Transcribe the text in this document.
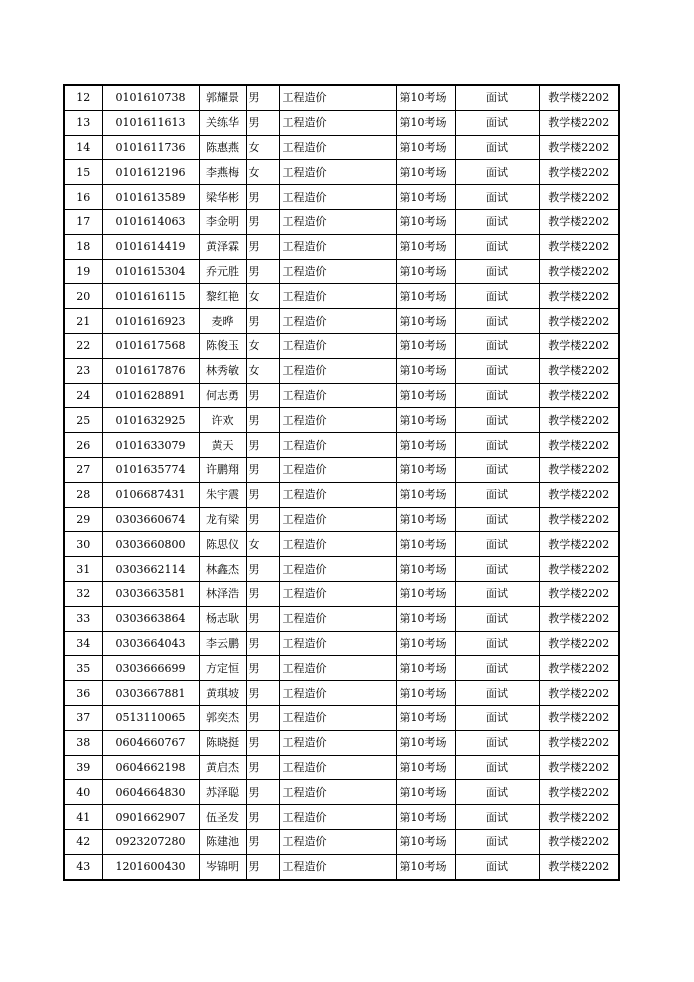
12	0101610738	郭耀景	男	工程造价	第10考场	面试	教学楼2202
13	0101611613	关练华	男	工程造价	第10考场	面试	教学楼2202
14	0101611736	陈惠燕	女	工程造价	第10考场	面试	教学楼2202
15	0101612196	李燕梅	女	工程造价	第10考场	面试	教学楼2202
16	0101613589	梁华彬	男	工程造价	第10考场	面试	教学楼2202
17	0101614063	李金明	男	工程造价	第10考场	面试	教学楼2202
18	0101614419	黄泽霖	男	工程造价	第10考场	面试	教学楼2202
19	0101615304	乔元胜	男	工程造价	第10考场	面试	教学楼2202
20	0101616115	黎红艳	女	工程造价	第10考场	面试	教学楼2202
21	0101616923	麦晔	男	工程造价	第10考场	面试	教学楼2202
22	0101617568	陈俊玉	女	工程造价	第10考场	面试	教学楼2202
23	0101617876	林秀敏	女	工程造价	第10考场	面试	教学楼2202
24	0101628891	何志勇	男	工程造价	第10考场	面试	教学楼2202
25	0101632925	许欢	男	工程造价	第10考场	面试	教学楼2202
26	0101633079	黄天	男	工程造价	第10考场	面试	教学楼2202
27	0101635774	许鹏翔	男	工程造价	第10考场	面试	教学楼2202
28	0106687431	朱宇震	男	工程造价	第10考场	面试	教学楼2202
29	0303660674	龙有梁	男	工程造价	第10考场	面试	教学楼2202
30	0303660800	陈思仪	女	工程造价	第10考场	面试	教学楼2202
31	0303662114	林鑫杰	男	工程造价	第10考场	面试	教学楼2202
32	0303663581	林泽浩	男	工程造价	第10考场	面试	教学楼2202
33	0303663864	杨志耿	男	工程造价	第10考场	面试	教学楼2202
34	0303664043	李云鹏	男	工程造价	第10考场	面试	教学楼2202
35	0303666699	方定恒	男	工程造价	第10考场	面试	教学楼2202
36	0303667881	黄琪坡	男	工程造价	第10考场	面试	教学楼2202
37	0513110065	郭奕杰	男	工程造价	第10考场	面试	教学楼2202
38	0604660767	陈晓挺	男	工程造价	第10考场	面试	教学楼2202
39	0604662198	黄启杰	男	工程造价	第10考场	面试	教学楼2202
40	0604664830	苏泽聪	男	工程造价	第10考场	面试	教学楼2202
41	0901662907	伍圣发	男	工程造价	第10考场	面试	教学楼2202
42	0923207280	陈建池	男	工程造价	第10考场	面试	教学楼2202
43	1201600430	岑锦明	男	工程造价	第10考场	面试	教学楼2202
